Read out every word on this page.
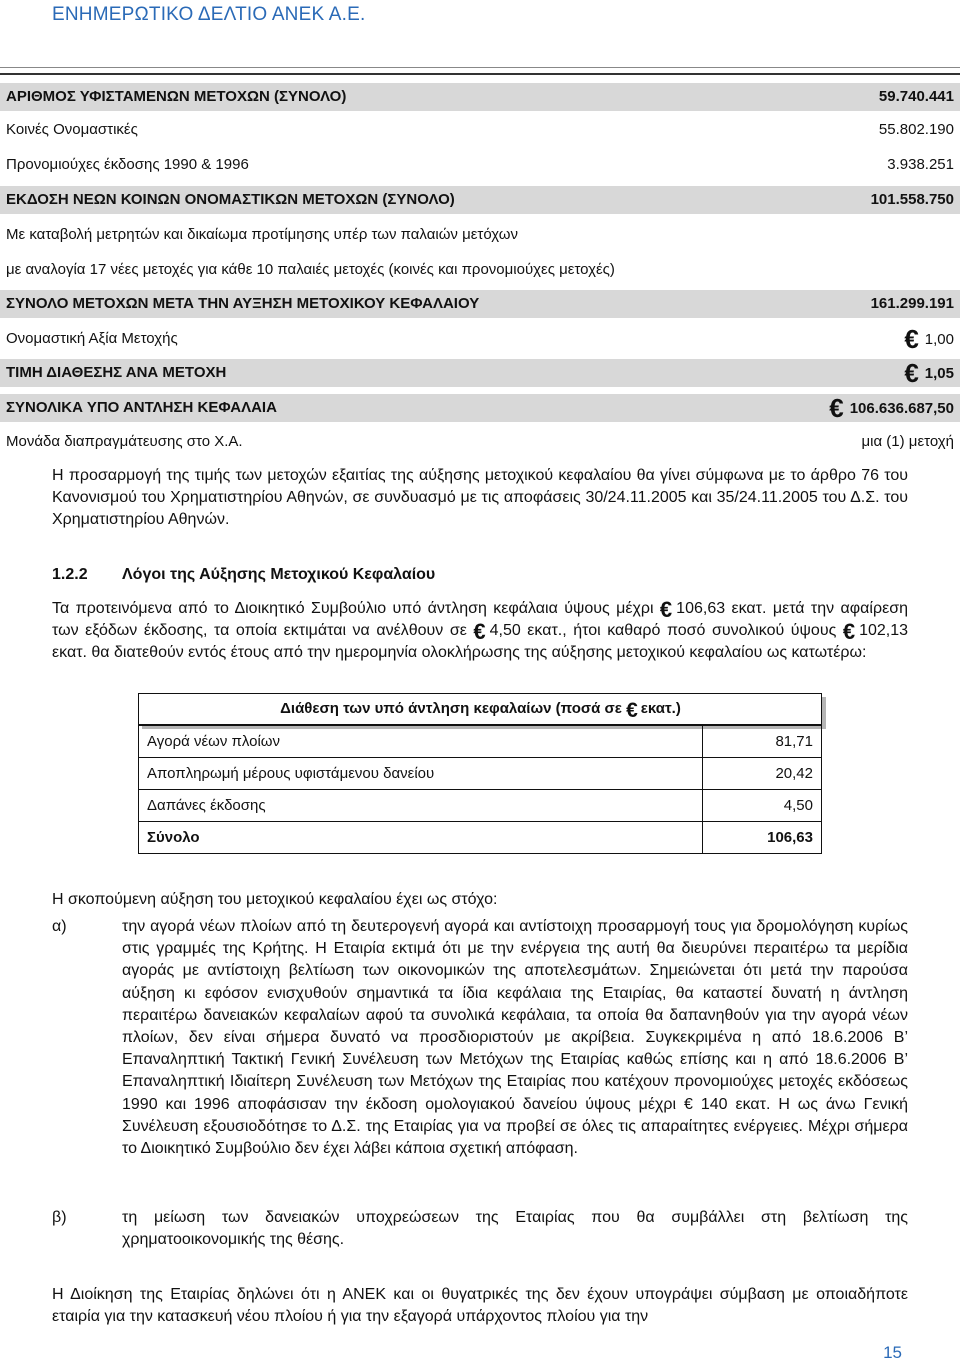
ΕΝΗΜΕΡΩΤΙΚΟ ΔΕΛΤΙΟ ΑΝΕΚ Α.Ε.
ΑΡΙΘΜΟΣ ΥΦΙΣΤΑΜΕΝΩΝ ΜΕΤΟΧΩΝ (ΣΥΝΟΛΟ)	59.740.441
Κοινές Ονομαστικές	55.802.190
Προνομιούχες έκδοσης 1990 & 1996	3.938.251
ΕΚΔΟΣΗ ΝΕΩΝ ΚΟΙΝΩΝ ΟΝΟΜΑΣΤΙΚΩΝ ΜΕΤΟΧΩΝ (ΣΥΝΟΛΟ)	101.558.750
Με καταβολή μετρητών και δικαίωμα προτίμησης υπέρ των παλαιών μετόχων
με αναλογία 17 νέες μετοχές για κάθε 10 παλαιές μετοχές (κοινές και προνομιούχες μετοχές)
ΣΥΝΟΛΟ ΜΕΤΟΧΩΝ ΜΕΤΑ ΤΗΝ ΑΥΞΗΣΗ ΜΕΤΟΧΙΚΟΥ ΚΕΦΑΛΑΙΟΥ	161.299.191
Ονομαστική Αξία Μετοχής	€ 1,00
ΤΙΜΗ ΔΙΑΘΕΣΗΣ ΑΝΑ ΜΕΤΟΧΗ	€ 1,05
ΣΥΝΟΛΙΚΑ ΥΠΟ ΑΝΤΛΗΣΗ ΚΕΦΑΛΑΙΑ	€ 106.636.687,50
Μονάδα διαπραγμάτευσης στο Χ.Α.	μια (1) μετοχή
Η προσαρμογή της τιμής των μετοχών εξαιτίας της αύξησης μετοχικού κεφαλαίου θα γίνει σύμφωνα με το άρθρο 76 του Κανονισμού του Χρηματιστηρίου Αθηνών, σε συνδυασμό με τις αποφάσεις 30/24.11.2005 και 35/24.11.2005 του Δ.Σ. του Χρηματιστηρίου Αθηνών.
1.2.2 Λόγοι της Αύξησης Μετοχικού Κεφαλαίου
Τα προτεινόμενα από το Διοικητικό Συμβούλιο υπό άντληση κεφάλαια ύψους μέχρι € 106,63 εκατ. μετά την αφαίρεση των εξόδων έκδοσης, τα οποία εκτιμάται να ανέλθουν σε € 4,50 εκατ., ήτοι καθαρό ποσό συνολικού ύψους € 102,13 εκατ. θα διατεθούν εντός έτους από την ημερομηνία ολοκλήρωσης της αύξησης μετοχικού κεφαλαίου ως κατωτέρω:
Διάθεση των υπό άντληση κεφαλαίων (ποσά σε € εκατ.)
Αγορά νέων πλοίων	81,71
Αποπληρωμή μέρους υφιστάμενου δανείου	20,42
Δαπάνες έκδοσης	4,50
Σύνολο	106,63
Η σκοπούμενη αύξηση του μετοχικού κεφαλαίου έχει ως στόχο:
α)	την αγορά νέων πλοίων από τη δευτερογενή αγορά και αντίστοιχη προσαρμογή τους για δρομολόγηση κυρίως στις γραμμές της Κρήτης. Η Εταιρία εκτιμά ότι με την ενέργεια της αυτή θα διευρύνει περαιτέρω τα μερίδια αγοράς με αντίστοιχη βελτίωση των οικονομικών της αποτελεσμάτων. Σημειώνεται ότι μετά την παρούσα αύξηση κι εφόσον ενισχυθούν σημαντικά τα ίδια κεφάλαια της Εταιρίας, θα καταστεί δυνατή η άντληση περαιτέρω δανειακών κεφαλαίων αφού τα συνολικά κεφάλαια, τα οποία θα δαπανηθούν για την αγορά νέων πλοίων, δεν είναι σήμερα δυνατό να προσδιοριστούν με ακρίβεια. Συγκεκριμένα η από 18.6.2006 Β’ Επαναληπτική Τακτική Γενική Συνέλευση των Μετόχων της Εταιρίας καθώς επίσης και η από 18.6.2006 Β’ Επαναληπτική Ιδιαίτερη Συνέλευση των Μετόχων της Εταιρίας που κατέχουν προνομιούχες μετοχές εκδόσεως 1990 και 1996 αποφάσισαν την έκδοση ομολογιακού δανείου ύψους μέχρι € 140 εκατ. Η ως άνω Γενική Συνέλευση εξουσιοδότησε το Δ.Σ. της Εταιρίας για να προβεί σε όλες τις απαραίτητες ενέργειες. Μέχρι σήμερα το Διοικητικό Συμβούλιο δεν έχει λάβει κάποια σχετική απόφαση.
β)	τη μείωση των δανειακών υποχρεώσεων της Εταιρίας που θα συμβάλλει στη βελτίωση της χρηματοοικονομικής της θέσης.
Η Διοίκηση της Εταιρίας δηλώνει ότι η ΑΝΕΚ και οι θυγατρικές της δεν έχουν υπογράψει σύμβαση με οποιαδήποτε εταιρία για την κατασκευή νέου πλοίου ή για την εξαγορά υπάρχοντος πλοίου για την
15
